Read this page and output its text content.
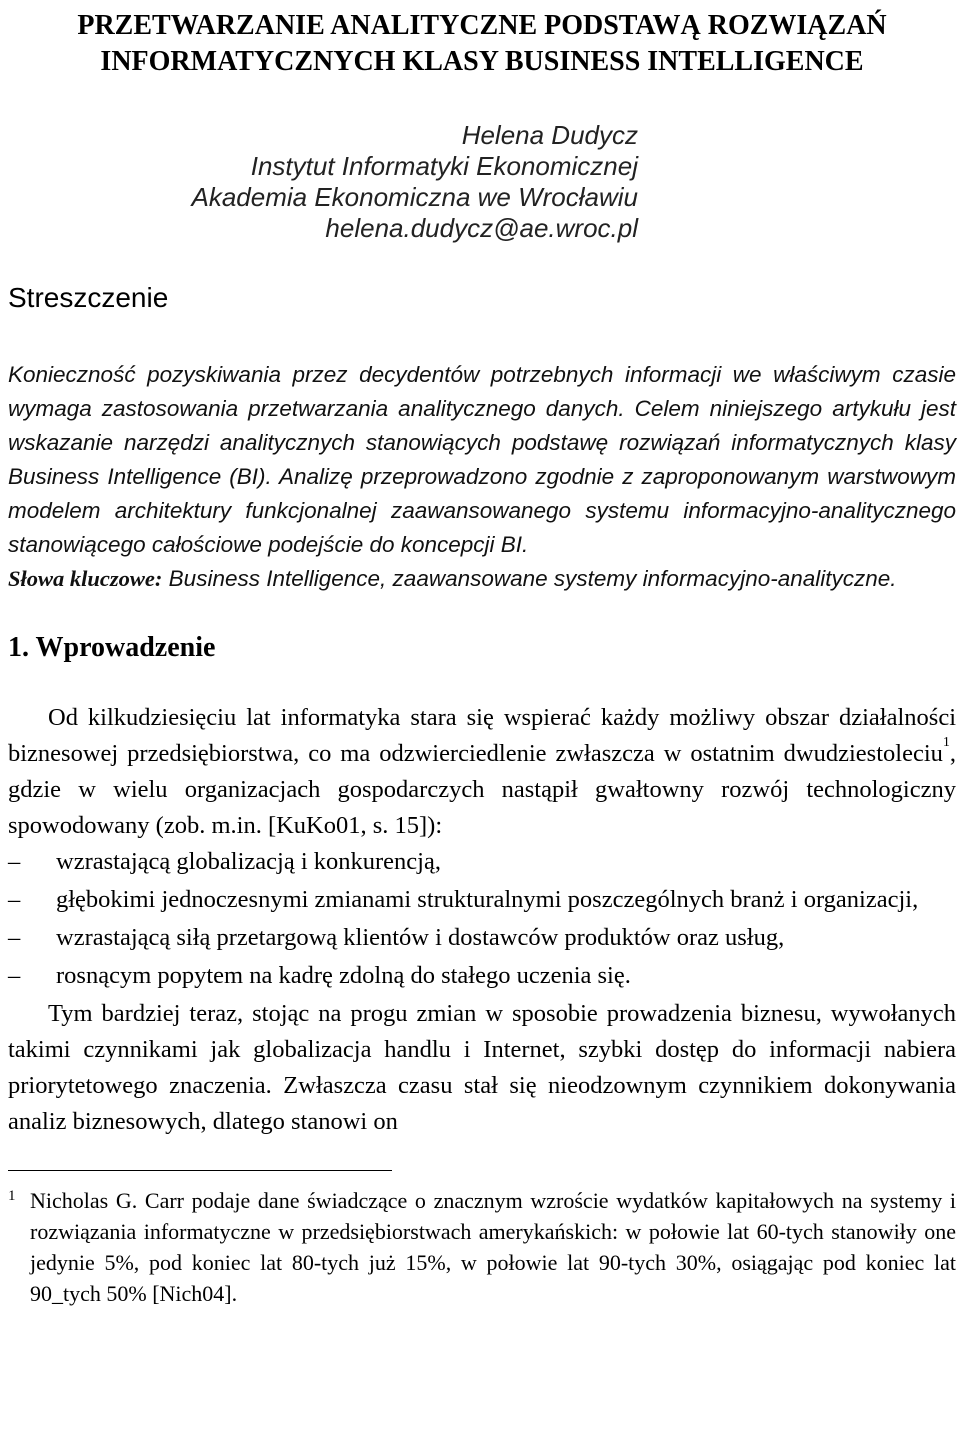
PRZETWARZANIE ANALITYCZNE PODSTAWĄ ROZWIĄZAŃ
INFORMATYCZNYCH KLASY BUSINESS INTELLIGENCE
Helena Dudycz
Instytut Informatyki Ekonomicznej
Akademia Ekonomiczna we Wrocławiu
helena.dudycz@ae.wroc.pl
Streszczenie

Konieczność pozyskiwania przez decydentów potrzebnych informacji we właściwym czasie wymaga zastosowania przetwarzania analitycznego danych. Celem niniejszego artykułu jest wskazanie narzędzi analitycznych stanowiących podstawę rozwiązań informatycznych klasy Business Intelligence (BI). Analizę przeprowadzono zgodnie z zaproponowanym warstwowym modelem architektury funkcjonalnej zaawansowanego systemu informacyjno-analitycznego stanowiącego całościowe podejście do koncepcji BI.

Słowa kluczowe: Business Intelligence, zaawansowane systemy informacyjno-analityczne.

1. Wprowadzenie

Od kilkudziesięciu lat informatyka stara się wspierać każdy możliwy obszar działalności biznesowej przedsiębiorstwa, co ma odzwierciedlenie zwłaszcza w ostatnim dwudziestoleciu$^1$, gdzie w wielu organizacjach gospodarczych nastąpił gwałtowny rozwój technologiczny spowodowany (zob. m.in. [KuKo01, s. 15]):

– wzrastającą globalizacją i konkurencją,
– głębokimi jednoczesnymi zmianami strukturalnymi poszczególnych branż i organizacji,
– wzrastającą siłą przetargową klientów i dostawców produktów oraz usług,
– rosnącym popytem na kadrę zdolną do stałego uczenia się.

Tym bardziej teraz, stojąc na progu zmian w sposobie prowadzenia biznesu, wywołanych takimi czynnikami jak globalizacja handlu i Internet, szybki dostęp do informacji nabiera priorytetowego znaczenia. Zwłaszcza czasu stał się nieodzownym czynnikiem dokonywania analiz biznesowych, dlatego stanowi on

1 Nicholas G. Carr podaje dane świadczące o znacznym wzroście wydatków kapitałowych na systemy i rozwiązania informatyczne w przedsiębiorstwach amerykańskich: w połowie lat 60-tych stanowiły one jedynie 5%, pod koniec lat 80-tych już 15%, w połowie lat 90-tych 30%, osiągając pod koniec lat 90_tych 50% [Nich04].
